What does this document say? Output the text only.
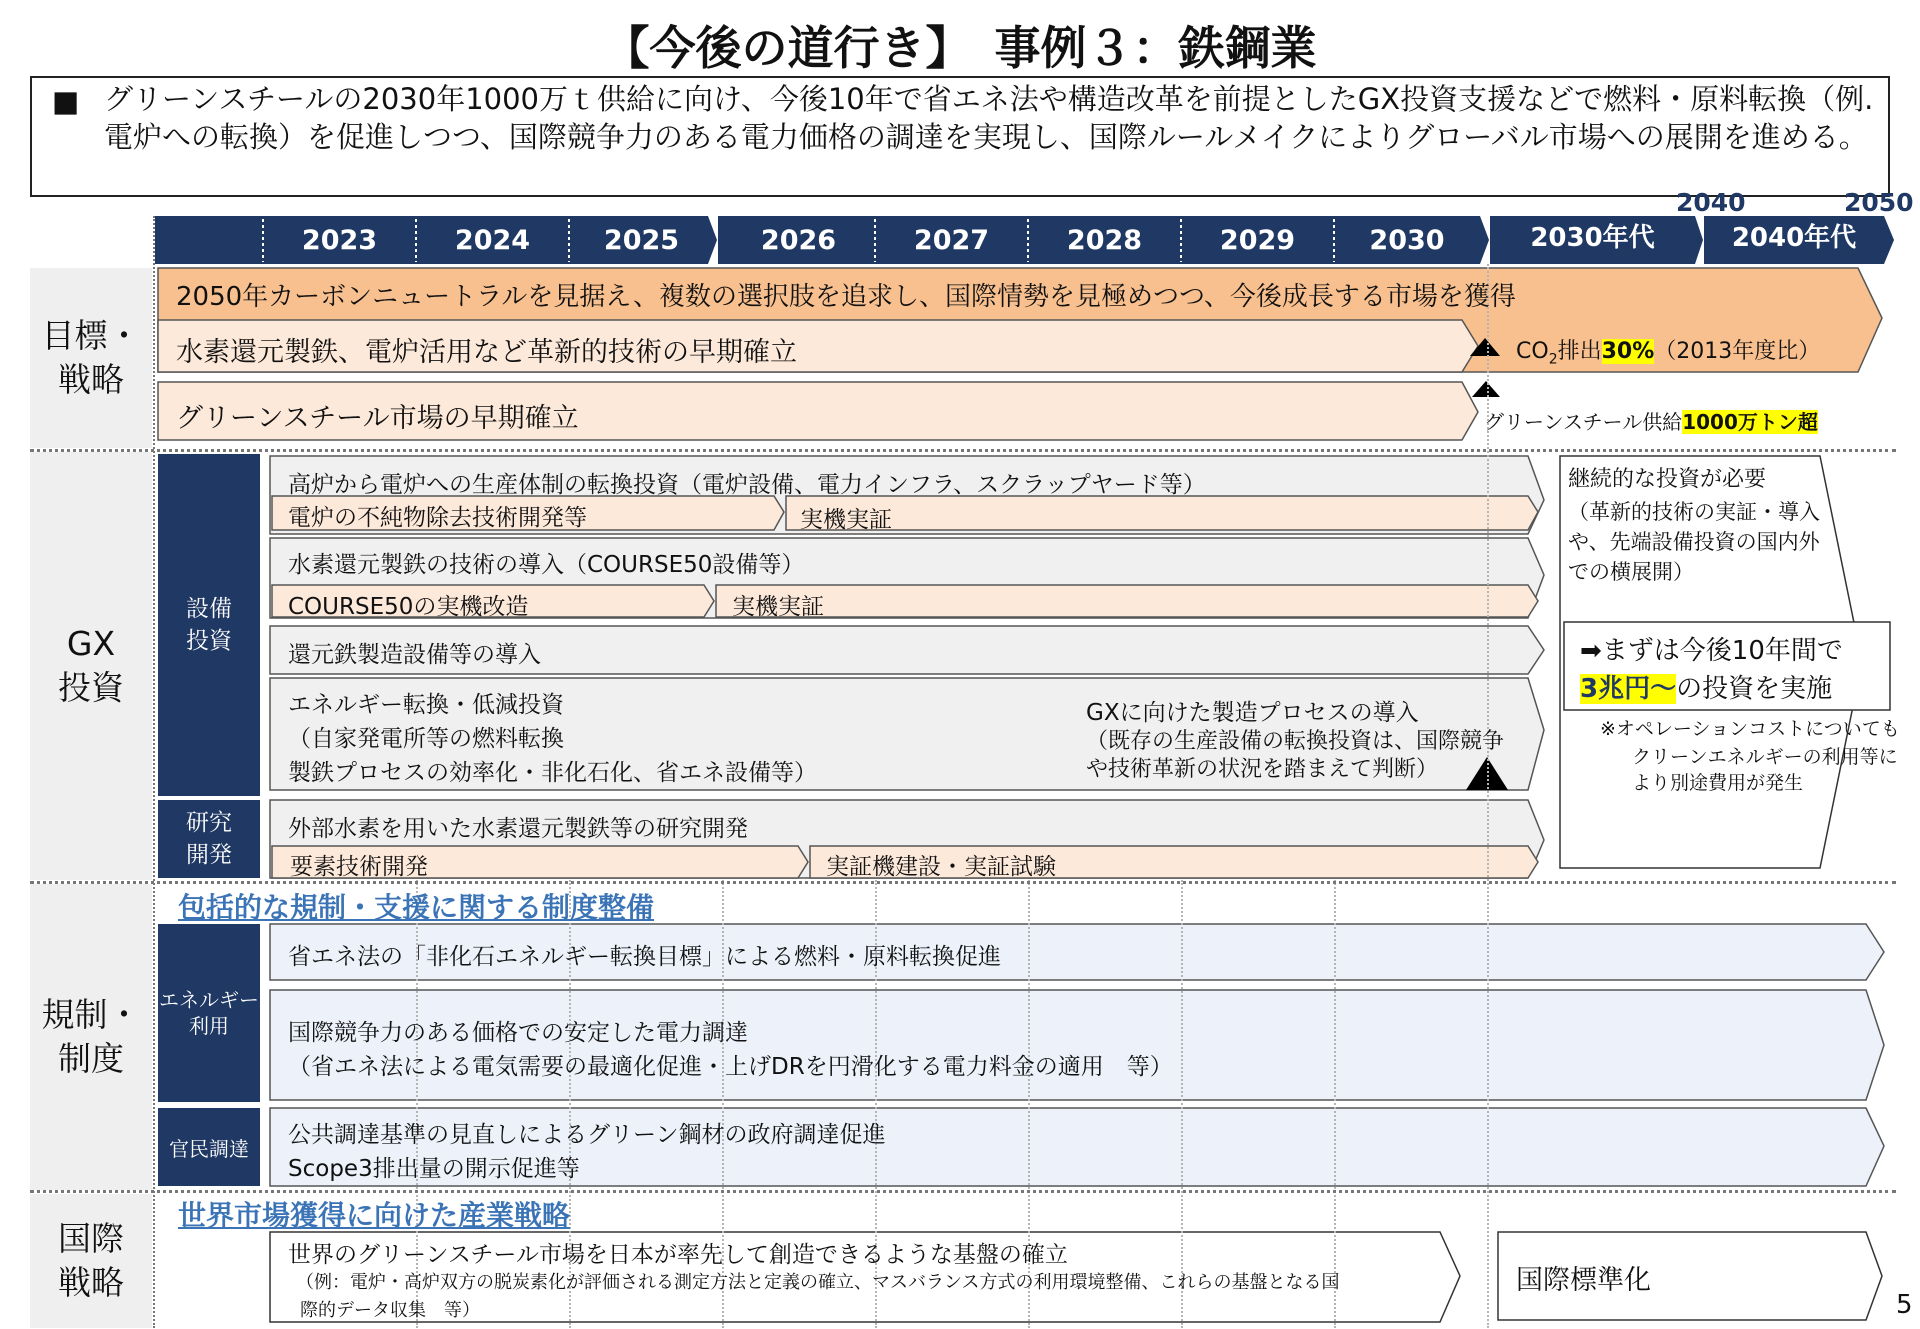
【今後の道行き】　事例３：鉄鋼業
■ グリーンスチールの2030年1000万ｔ供給に向け、今後10年で省エネ法や構造改革を前提としたGX投資支援などで燃料・原料転換（例.電炉への転換）を促進しつつ、国際競争力のある電力価格の調達を実現し、国際ルールメイクによりグローバル市場への展開を進める。
2023	2024	2025	2026	2027	2028	2029	2030	2030年代	2040年代
2040	2050
目標・
戦略
GX
投資
規制・
制度
国際
戦略
2050年カーボンニュートラルを見据え、複数の選択肢を追求し、国際情勢を見極めつつ、今後成長する市場を獲得
水素還元製鉄、電炉活用など革新的技術の早期確立	$CO_2$排出30%（2013年度比）
グリーンスチール市場の早期確立	グリーンスチール供給1000万トン超
設備
投資
研究
開発
高炉から電炉への生産体制の転換投資（電炉設備、電力インフラ、スクラップヤード等）
電炉の不純物除去技術開発等	実機実証
水素還元製鉄の技術の導入（COURSE50設備等）
COURSE50の実機改造	実機実証
還元鉄製造設備等の導入
エネルギー転換・低減投資
（自家発電所等の燃料転換
製鉄プロセスの効率化・非化石化、省エネ設備等）
GXに向けた製造プロセスの導入
（既存の生産設備の転換投資は、国際競争
や技術革新の状況を踏まえて判断）
外部水素を用いた水素還元製鉄等の研究開発
要素技術開発	実証機建設・実証試験
継続的な投資が必要
（革新的技術の実証・導入
や、先端設備投資の国内外
での横展開）
➡まずは今後10年間で
3兆円～の投資を実施
※オペレーションコストについても
クリーンエネルギーの利用等に
より別途費用が発生
包括的な規制・支援に関する制度整備
エネルギー
利用
官民調達
省エネ法の「非化石エネルギー転換目標」による燃料・原料転換促進
国際競争力のある価格での安定した電力調達
（省エネ法による電気需要の最適化促進・上げDRを円滑化する電力料金の適用　等）
公共調達基準の見直しによるグリーン鋼材の政府調達促進
Scope3排出量の開示促進等
世界市場獲得に向けた産業戦略
世界のグリーンスチール市場を日本が率先して創造できるような基盤の確立
（例：電炉・高炉双方の脱炭素化が評価される測定方法と定義の確立、マスバランス方式の利用環境整備、これらの基盤となる国
際的データ収集　等）
国際標準化
5
